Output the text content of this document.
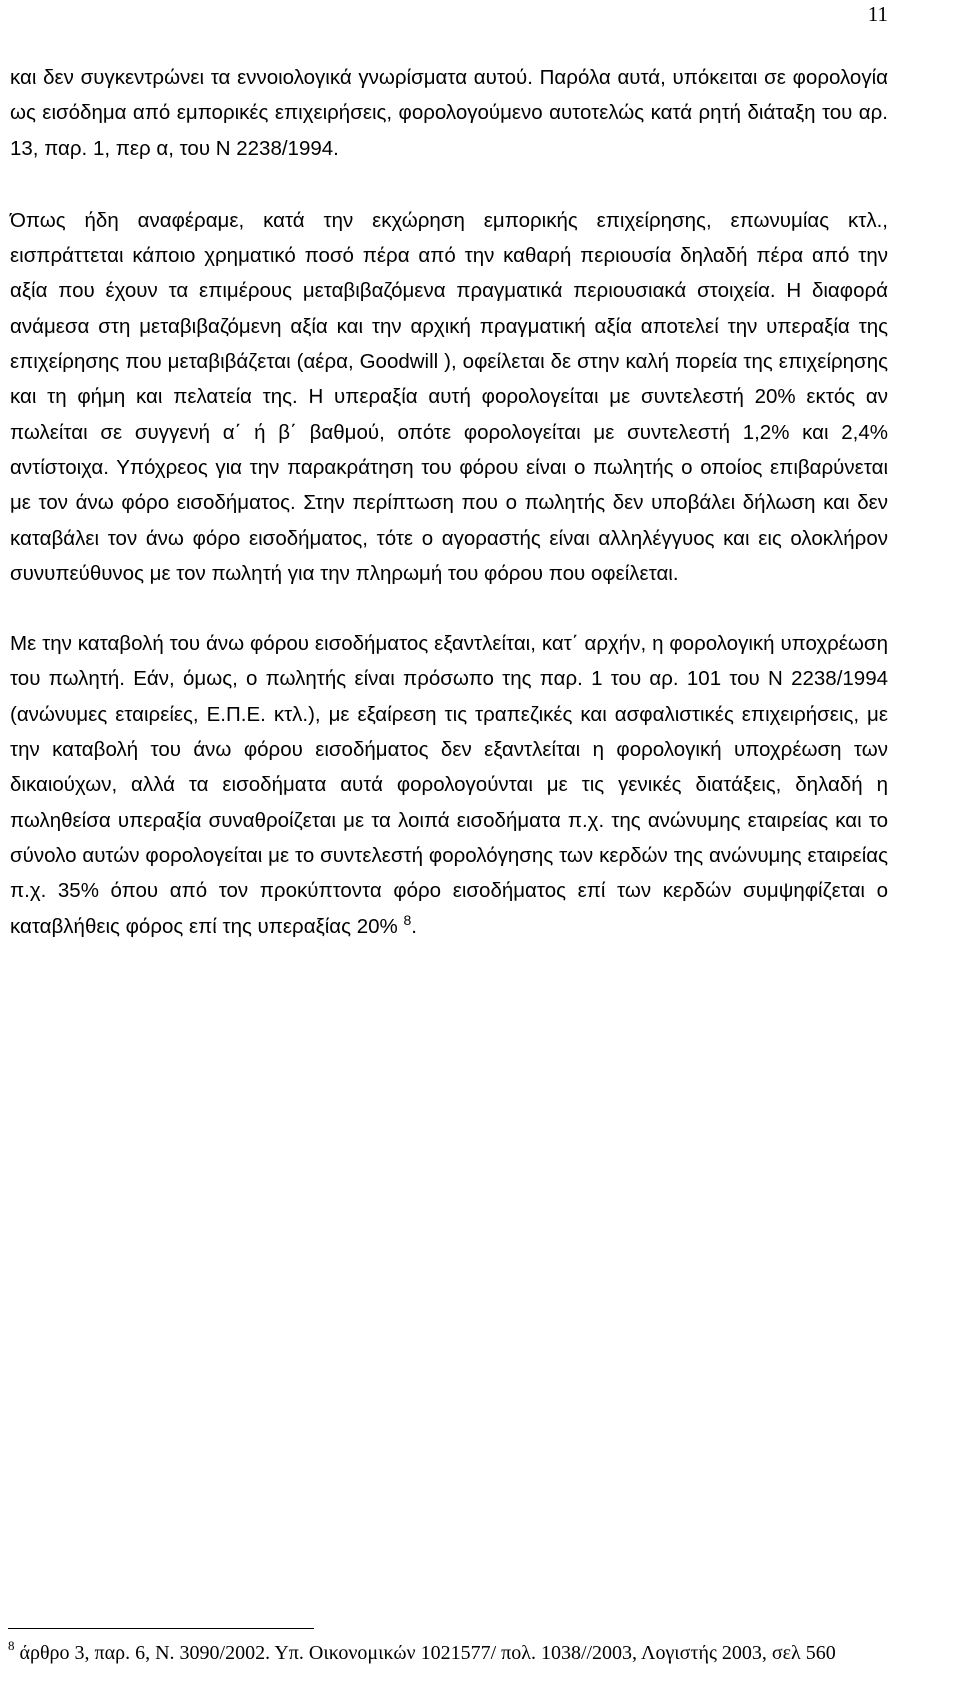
11

και δεν συγκεντρώνει τα εννοιολογικά γνωρίσματα αυτού. Παρόλα αυτά, υπόκειται σε φορολογία ως εισόδημα από εμπορικές επιχειρήσεις, φορολογούμενο αυτοτελώς κατά ρητή διάταξη του αρ. 13, παρ. 1, περ α, του Ν 2238/1994.

Όπως ήδη αναφέραμε, κατά την εκχώρηση εμπορικής επιχείρησης, επωνυμίας κτλ., εισπράττεται κάποιο χρηματικό ποσό πέρα από την καθαρή περιουσία δηλαδή πέρα από την αξία που έχουν τα επιμέρους μεταβιβαζόμενα πραγματικά περιουσιακά στοιχεία. Η διαφορά ανάμεσα στη μεταβιβαζόμενη αξία και την αρχική πραγματική αξία αποτελεί την υπεραξία της επιχείρησης που μεταβιβάζεται (αέρα, Goodwill ), οφείλεται δε στην καλή πορεία της επιχείρησης και τη φήμη και πελατεία της. Η υπεραξία αυτή φορολογείται με συντελεστή 20% εκτός αν πωλείται σε συγγενή α΄ ή β΄ βαθμού, οπότε φορολογείται με συντελεστή 1,2% και 2,4% αντίστοιχα. Υπόχρεος για την παρακράτηση του φόρου είναι ο πωλητής ο οποίος επιβαρύνεται με τον άνω φόρο εισοδήματος. Στην περίπτωση που ο πωλητής δεν υποβάλει δήλωση και δεν καταβάλει τον άνω φόρο εισοδήματος, τότε ο αγοραστής είναι αλληλέγγυος και εις ολοκλήρον συνυπεύθυνος με τον πωλητή για την πληρωμή του φόρου που οφείλεται.

Με την καταβολή του άνω φόρου εισοδήματος εξαντλείται, κατ΄ αρχήν, η φορολογική υποχρέωση του πωλητή. Εάν, όμως, ο πωλητής είναι πρόσωπο της παρ. 1 του αρ. 101 του Ν 2238/1994 (ανώνυμες εταιρείες, Ε.Π.Ε. κτλ.), με εξαίρεση τις τραπεζικές και ασφαλιστικές επιχειρήσεις, με την καταβολή του άνω φόρου εισοδήματος δεν εξαντλείται η φορολογική υποχρέωση των δικαιούχων, αλλά τα εισοδήματα αυτά φορολογούνται με τις γενικές διατάξεις, δηλαδή η πωληθείσα υπεραξία συναθροίζεται με τα λοιπά εισοδήματα π.χ. της ανώνυμης εταιρείας και το σύνολο αυτών φορολογείται με το συντελεστή φορολόγησης των κερδών της ανώνυμης εταιρείας π.χ. 35% όπου από τον προκύπτοντα φόρο εισοδήματος επί των κερδών συμψηφίζεται ο καταβλήθεις φόρος επί της υπεραξίας 20% $^8$.

$^8$ άρθρο 3, παρ. 6, Ν. 3090/2002. Υπ. Οικονομικών 1021577/ πολ. 1038//2003, Λογιστής 2003, σελ 560
